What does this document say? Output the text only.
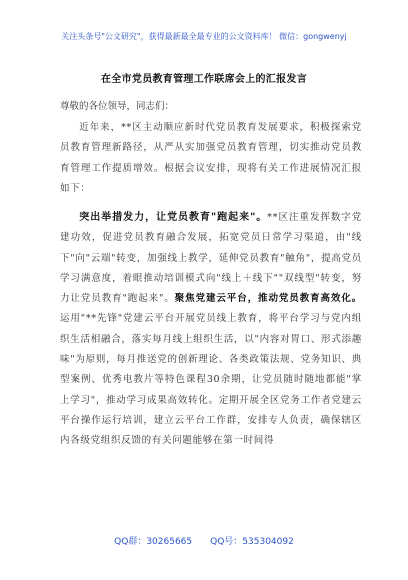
关注头条号"公文研究"，获得最新最全最专业的公文资料库！ 微信：gongwenyj
在全市党员教育管理工作联席会上的汇报发言
尊敬的各位领导，同志们：
近年来，**区主动顺应新时代党员教育发展要求，积极探索党员教育管理新路径，从严从实加强党员教育管理，切实推动党员教育管理工作提质增效。根据会议安排，现将有关工作进展情况汇报如下：
突出举措发力，让党员教育"跑起来"。**区注重发挥数字党建功效，促进党员教育融合发展，拓宽党员日常学习渠道，由"线下"向"云端"转变，加强线上教学，延伸党员教育"触角"，提高党员学习满意度，着眼推动培训模式向"线上＋线下""双线型"转变，努力让党员教育"跑起来"。聚焦党建云平台，推动党员教育高效化。运用"**先锋"党建云平台开展党员线上教育，将平台学习与党内组织生活相融合，落实每月线上组织生活，以"内容对胃口、形式添趣味"为原则，每月推送党的创新理论、各类政策法规、党务知识、典型案例、优秀电教片等特色课程30余期，让党员随时随地都能"掌上学习"，推动学习成果高效转化。定期开展全区党务工作者党建云平台操作运行培训，建立云平台工作群，安排专人负责，确保辖区内各级党组织反馈的有关问题能够在第一时间得
QQ群：30265665　　QQ号：535304092
